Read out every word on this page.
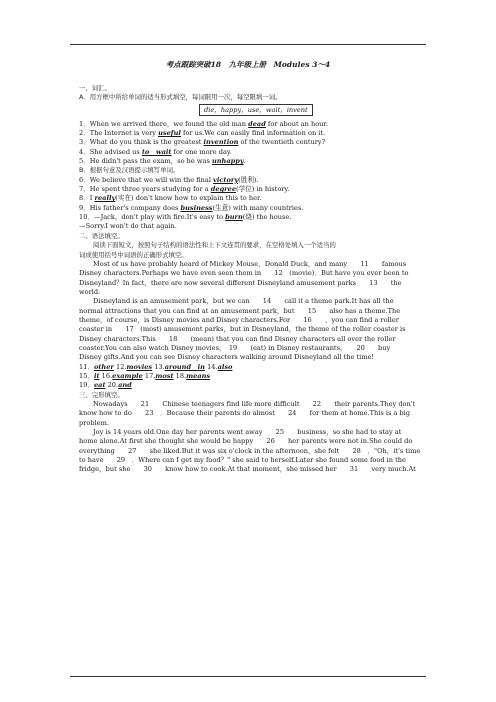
考点跟踪突破18　九年级上册　Modules 3～4
一、词汇。
A．用方框中所给单词的适当形式填空，每词限用一次，每空限填一词。
die，happy，use，wait，invent
1．When we arrived there，we found the old man dead for about an hour.
2．The Internet is very useful for us.We can easily find information on it.
3．What do you think is the greatest invention of the twentieth century?
4．She advised us to　wait for one more day.
5．He didn't pass the exam，so he was unhappy.
B．根据句意及汉语提示填写单词。
6．We believe that we will win the final victory(胜利).
7．He spent three years studying for a degree(学位) in history.
8．I really(实在) don't know how to explain this to her.
9．His father's company does business(生意) with many countries.
10．—Jack，don't play with fire.It's easy to burn(烧) the house.
—Sorry.I won't do that again.
二、语法填空。
阅读下面短文，按照句子结构的语法性和上下文连贯的要求，在空格处填入一个适当的
词或使用括号中词语的正确形式填空。
Most of us have probably heard of Mickey Mouse，Donald Duck，and many　　11　　famous
Disney characters.Perhaps we have even seen them in　　12　(movie)．But have you ever been to
Disneyland？In fact，there are now several different Disneyland amusement parks　　13　　the
world.
Disneyland is an amusement park，but we can　　14　　call it a theme park.It has all the
normal attractions that you can find at an amusement park，but　　15　　also has a theme.The
theme，of course，is Disney movies and Disney characters.For　　16　　，you can find a roller
coaster in　　17　(most) amusement parks，but in Disneyland，the theme of the roller coaster is
Disney characters.This　　18　　(mean) that you can find Disney characters all over the roller
coaster.You can also watch Disney movies，　19　　(eat) in Disney restaurants，　　20　　buy
Disney gifts.And you can see Disney characters walking around Disneyland all the time!
11．other 12.movies 13.around　in 14.also
15．it 16.example 17.most 18.means
19．eat 20.and
三、完形填空。
Nowadays　　21　　Chinese teenagers find life more difficult　　22　　their parents.They don't
know how to do　　23　．Because their parents do almost　　24　　for them at home.This is a big
problem.
Joy is 14 years old.One day her parents went away　　25　　business，so she had to stay at
home alone.At first she thought she would be happy　　26　　her parents were not in.She could do
everything　　27　　she liked.But it was six o'clock in the afternoon，she felt　　28　．"Oh，it's time
to have　　29　．Where can I get my food？" she said to herself.Later she found some food in the
fridge，but she　　30　　know how to cook.At that moment，she missed her　　31　　very much.At
